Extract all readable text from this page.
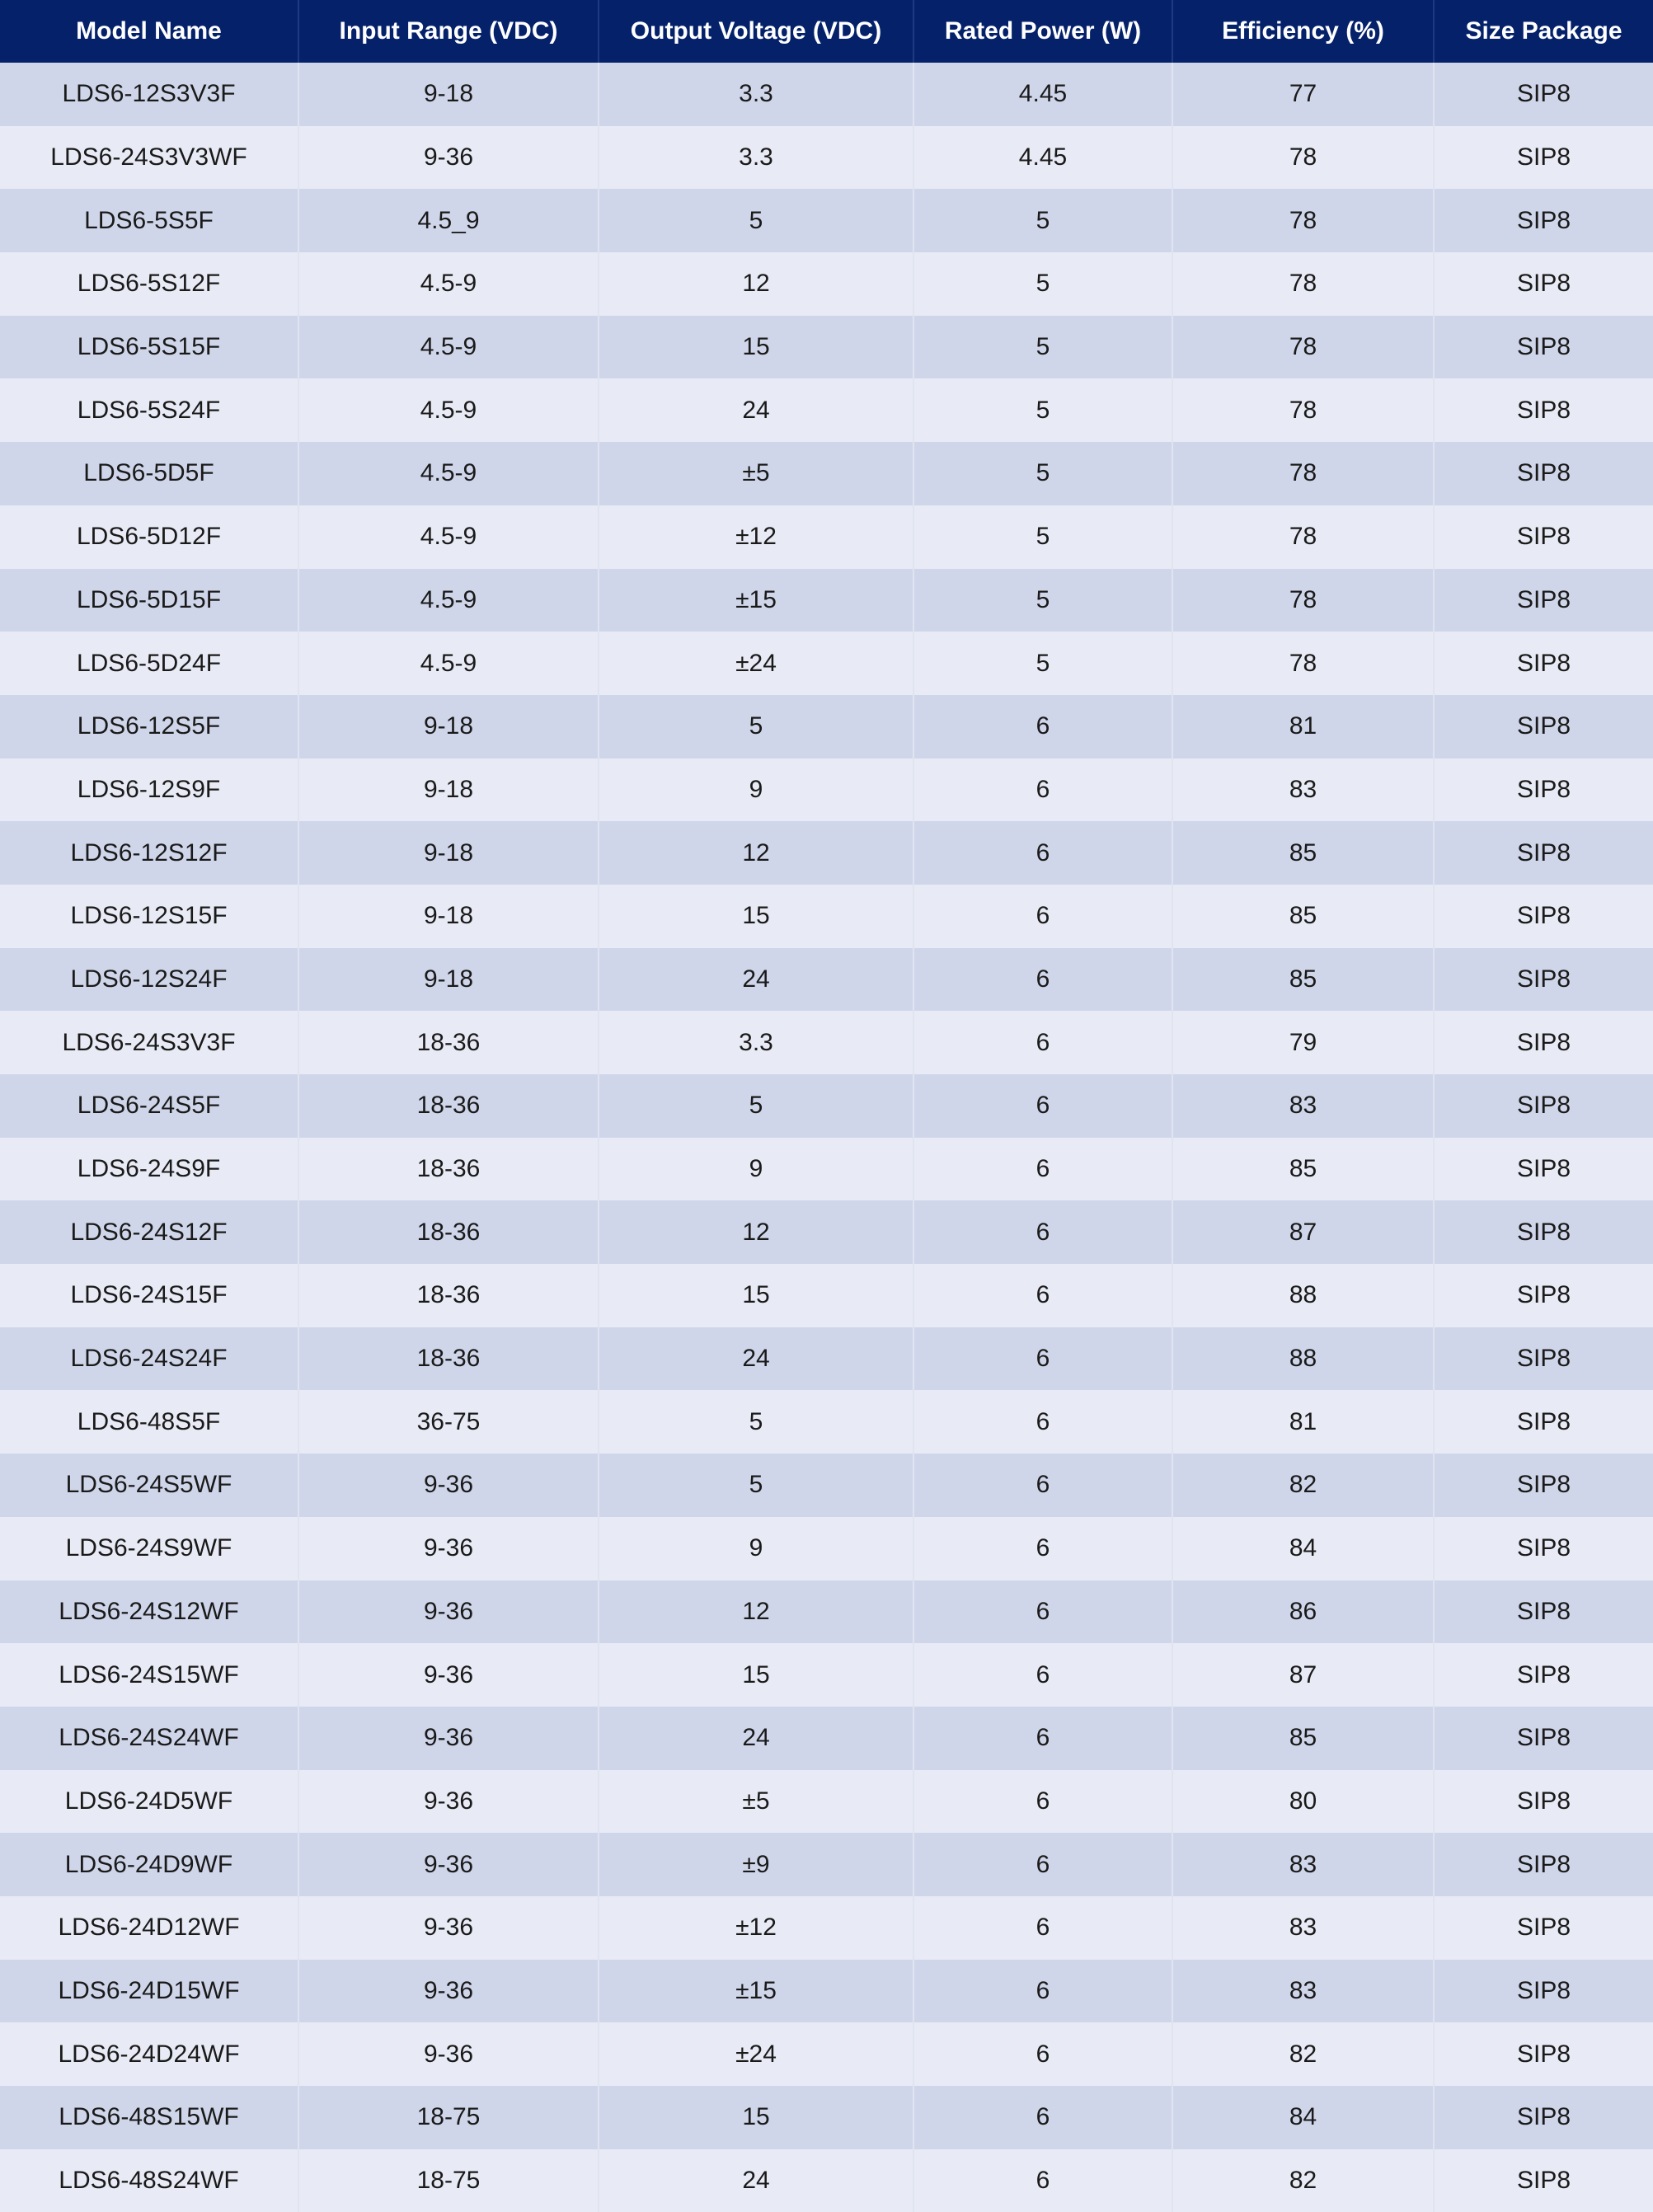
Model Name	Input Range (VDC)	Output Voltage (VDC)	Rated Power (W)	Efficiency (%)	Size Package
LDS6-12S3V3F	9-18	3.3	4.45	77	SIP8
LDS6-24S3V3WF	9-36	3.3	4.45	78	SIP8
LDS6-5S5F	4.5_9	5	5	78	SIP8
LDS6-5S12F	4.5-9	12	5	78	SIP8
LDS6-5S15F	4.5-9	15	5	78	SIP8
LDS6-5S24F	4.5-9	24	5	78	SIP8
LDS6-5D5F	4.5-9	±5	5	78	SIP8
LDS6-5D12F	4.5-9	±12	5	78	SIP8
LDS6-5D15F	4.5-9	±15	5	78	SIP8
LDS6-5D24F	4.5-9	±24	5	78	SIP8
LDS6-12S5F	9-18	5	6	81	SIP8
LDS6-12S9F	9-18	9	6	83	SIP8
LDS6-12S12F	9-18	12	6	85	SIP8
LDS6-12S15F	9-18	15	6	85	SIP8
LDS6-12S24F	9-18	24	6	85	SIP8
LDS6-24S3V3F	18-36	3.3	6	79	SIP8
LDS6-24S5F	18-36	5	6	83	SIP8
LDS6-24S9F	18-36	9	6	85	SIP8
LDS6-24S12F	18-36	12	6	87	SIP8
LDS6-24S15F	18-36	15	6	88	SIP8
LDS6-24S24F	18-36	24	6	88	SIP8
LDS6-48S5F	36-75	5	6	81	SIP8
LDS6-24S5WF	9-36	5	6	82	SIP8
LDS6-24S9WF	9-36	9	6	84	SIP8
LDS6-24S12WF	9-36	12	6	86	SIP8
LDS6-24S15WF	9-36	15	6	87	SIP8
LDS6-24S24WF	9-36	24	6	85	SIP8
LDS6-24D5WF	9-36	±5	6	80	SIP8
LDS6-24D9WF	9-36	±9	6	83	SIP8
LDS6-24D12WF	9-36	±12	6	83	SIP8
LDS6-24D15WF	9-36	±15	6	83	SIP8
LDS6-24D24WF	9-36	±24	6	82	SIP8
LDS6-48S15WF	18-75	15	6	84	SIP8
LDS6-48S24WF	18-75	24	6	82	SIP8
